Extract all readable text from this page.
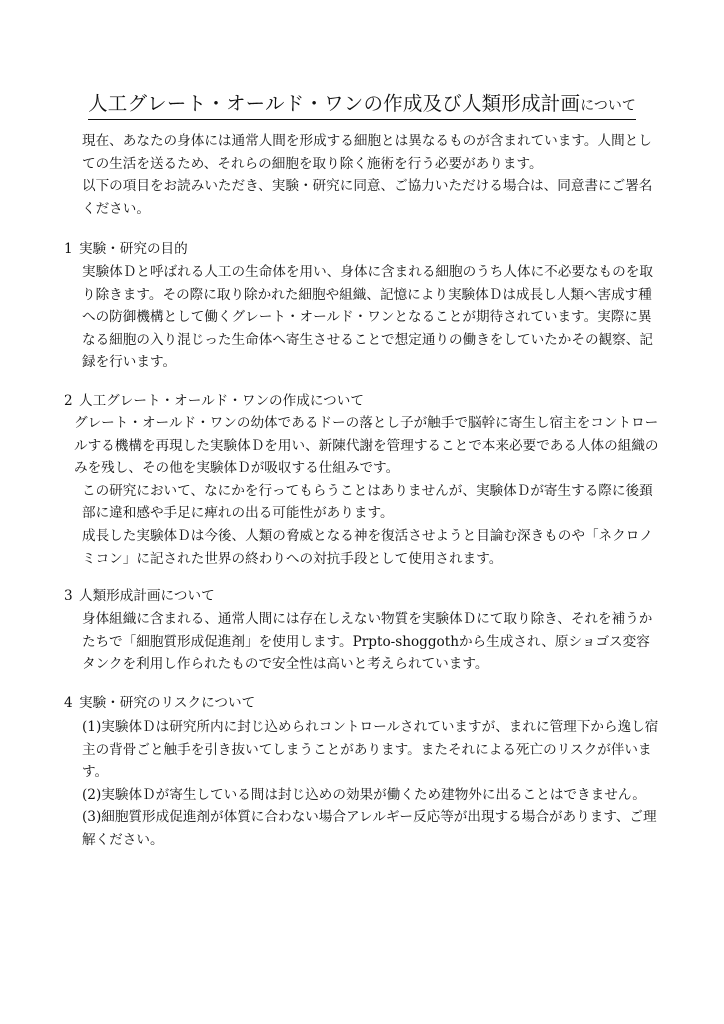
人工グレート・オールド・ワンの作成及び人類形成計画について

現在、あなたの身体には通常人間を形成する細胞とは異なるものが含まれています。人間としての生活を送るため、それらの細胞を取り除く施術を行う必要があります。

以下の項目をお読みいただき、実験・研究に同意、ご協力いただける場合は、同意書にご署名ください。

1 実験・研究の目的

実験体Ｄと呼ばれる人工の生命体を用い、身体に含まれる細胞のうち人体に不必要なものを取り除きます。その際に取り除かれた細胞や組織、記憶により実験体Ｄは成長し人類へ害成す種への防御機構として働くグレート・オールド・ワンとなることが期待されています。実際に異なる細胞の入り混じった生命体へ寄生させることで想定通りの働きをしていたかその観察、記録を行います。

2 人工グレート・オールド・ワンの作成について

グレート・オールド・ワンの幼体であるドーの落とし子が触手で脳幹に寄生し宿主をコントロールする機構を再現した実験体Ｄを用い、新陳代謝を管理することで本来必要である人体の組織のみを残し、その他を実験体Ｄが吸収する仕組みです。

この研究において、なにかを行ってもらうことはありませんが、実験体Ｄが寄生する際に後頚部に違和感や手足に痺れの出る可能性があります。

成長した実験体Ｄは今後、人類の脅威となる神を復活させようと目論む深きものや「ネクロノミコン」に記された世界の終わりへの対抗手段として使用されます。

3 人類形成計画について

身体組織に含まれる、通常人間には存在しえない物質を実験体Ｄにて取り除き、それを補うかたちで「細胞質形成促進剤」を使用します。Prpto-shoggothから生成され、原ショゴス変容タンクを利用し作られたもので安全性は高いと考えられています。

4 実験・研究のリスクについて

(1)実験体Ｄは研究所内に封じ込められコントロールされていますが、まれに管理下から逸し宿主の背骨ごと触手を引き抜いてしまうことがあります。またそれによる死亡のリスクが伴います。

(2)実験体Ｄが寄生している間は封じ込めの効果が働くため建物外に出ることはできません。

(3)細胞質形成促進剤が体質に合わない場合アレルギー反応等が出現する場合があります、ご理解ください。
